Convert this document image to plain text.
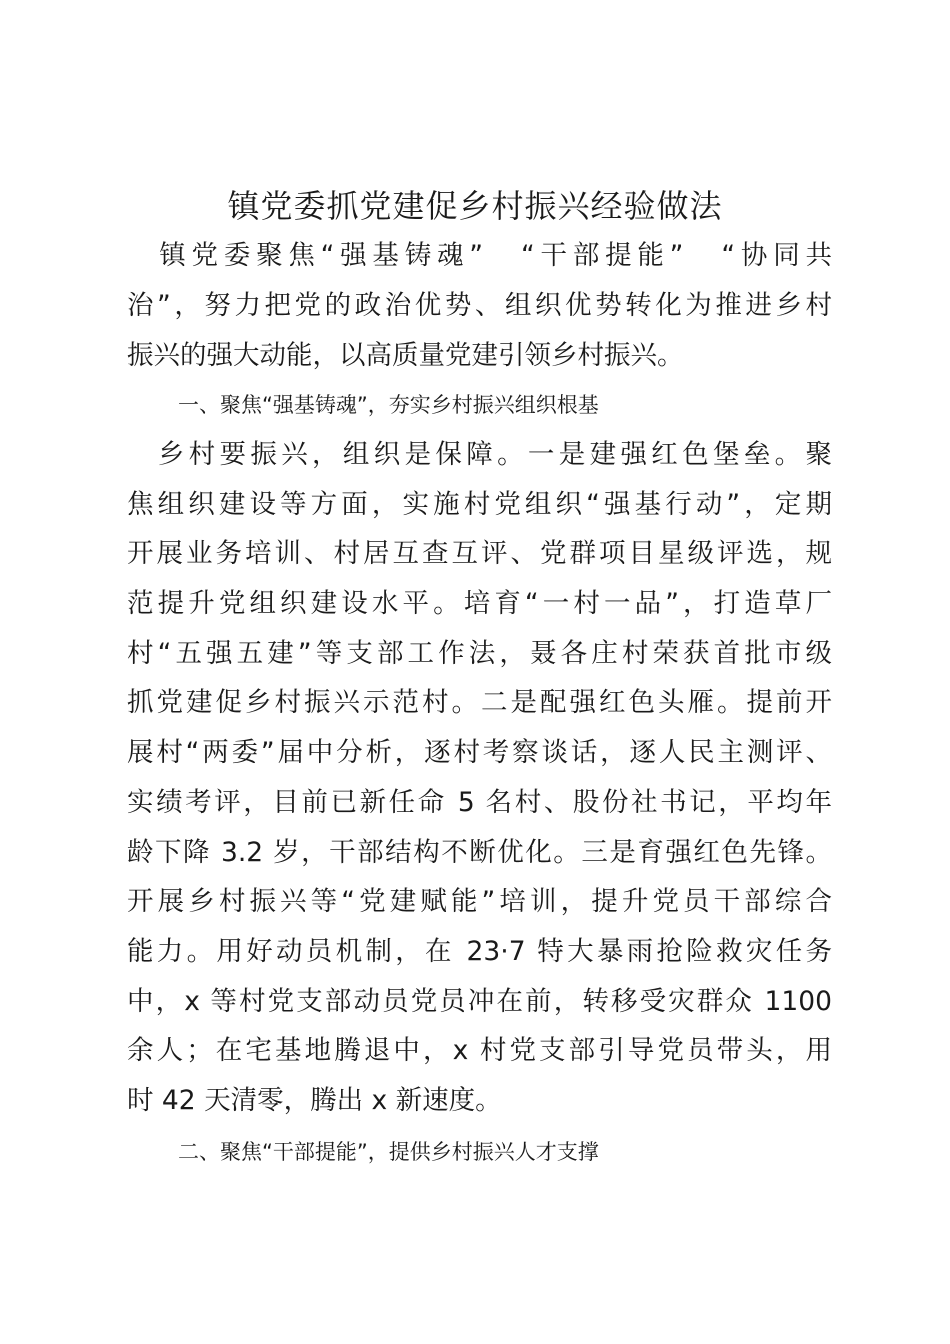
镇党委抓党建促乡村振兴经验做法

　镇党委聚焦“强基铸魂”　“干部提能”　“协同共

治”，努力把党的政治优势、组织优势转化为推进乡村

振兴的强大动能，以高质量党建引领乡村振兴。

一、聚焦“强基铸魂”，夯实乡村振兴组织根基

　乡村要振兴，组织是保障。一是建强红色堡垒。聚

焦组织建设等方面，实施村党组织“强基行动”，定期

开展业务培训、村居互查互评、党群项目星级评选，规

范提升党组织建设水平。培育“一村一品”，打造草厂

村“五强五建”等支部工作法，聂各庄村荣获首批市级

抓党建促乡村振兴示范村。二是配强红色头雁。提前开

展村“两委”届中分析，逐村考察谈话，逐人民主测评、

实绩考评，目前已新任命 5 名村、股份社书记，平均年

龄下降 3.2 岁，干部结构不断优化。三是育强红色先锋。

开展乡村振兴等“党建赋能”培训，提升党员干部综合

能力。用好动员机制，在 23·7 特大暴雨抢险救灾任务

中，x 等村党支部动员党员冲在前，转移受灾群众 1100

余人；在宅基地腾退中，x 村党支部引导党员带头，用

时 42 天清零，腾出 x 新速度。

二、聚焦“干部提能”，提供乡村振兴人才支撑
